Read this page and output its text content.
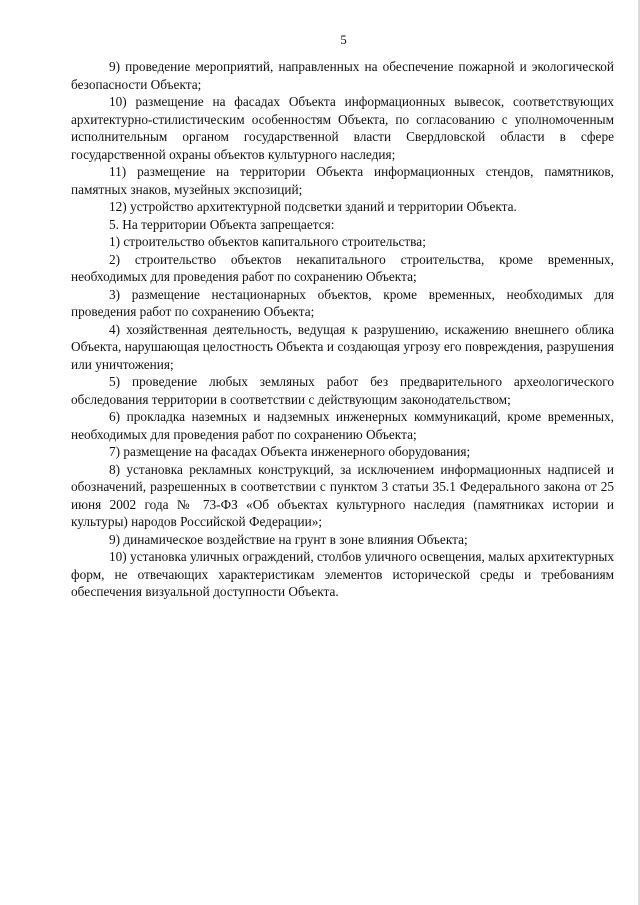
5

9) проведение мероприятий, направленных на обеспечение пожарной и экологической безопасности Объекта;

10) размещение на фасадах Объекта информационных вывесок, соответствующих архитектурно-стилистическим особенностям Объекта, по согласованию с уполномоченным исполнительным органом государственной власти Свердловской области в сфере государственной охраны объектов культурного наследия;

11) размещение на территории Объекта информационных стендов, памятников, памятных знаков, музейных экспозиций;

12) устройство архитектурной подсветки зданий и территории Объекта.

5. На территории Объекта запрещается:

1) строительство объектов капитального строительства;

2) строительство объектов некапитального строительства, кроме временных, необходимых для проведения работ по сохранению Объекта;

3) размещение нестационарных объектов, кроме временных, необходимых для проведения работ по сохранению Объекта;

4) хозяйственная деятельность, ведущая к разрушению, искажению внешнего облика Объекта, нарушающая целостность Объекта и создающая угрозу его повреждения, разрушения или уничтожения;

5) проведение любых земляных работ без предварительного археологического обследования территории в соответствии с действующим законодательством;

6) прокладка наземных и надземных инженерных коммуникаций, кроме временных, необходимых для проведения работ по сохранению Объекта;

7) размещение на фасадах Объекта инженерного оборудования;

8) установка рекламных конструкций, за исключением информационных надписей и обозначений, разрешенных в соответствии с пунктом 3 статьи 35.1 Федерального закона от 25 июня 2002 года № 73-ФЗ «Об объектах культурного наследия (памятниках истории и культуры) народов Российской Федерации»;

9) динамическое воздействие на грунт в зоне влияния Объекта;

10) установка уличных ограждений, столбов уличного освещения, малых архитектурных форм, не отвечающих характеристикам элементов исторической среды и требованиям обеспечения визуальной доступности Объекта.
